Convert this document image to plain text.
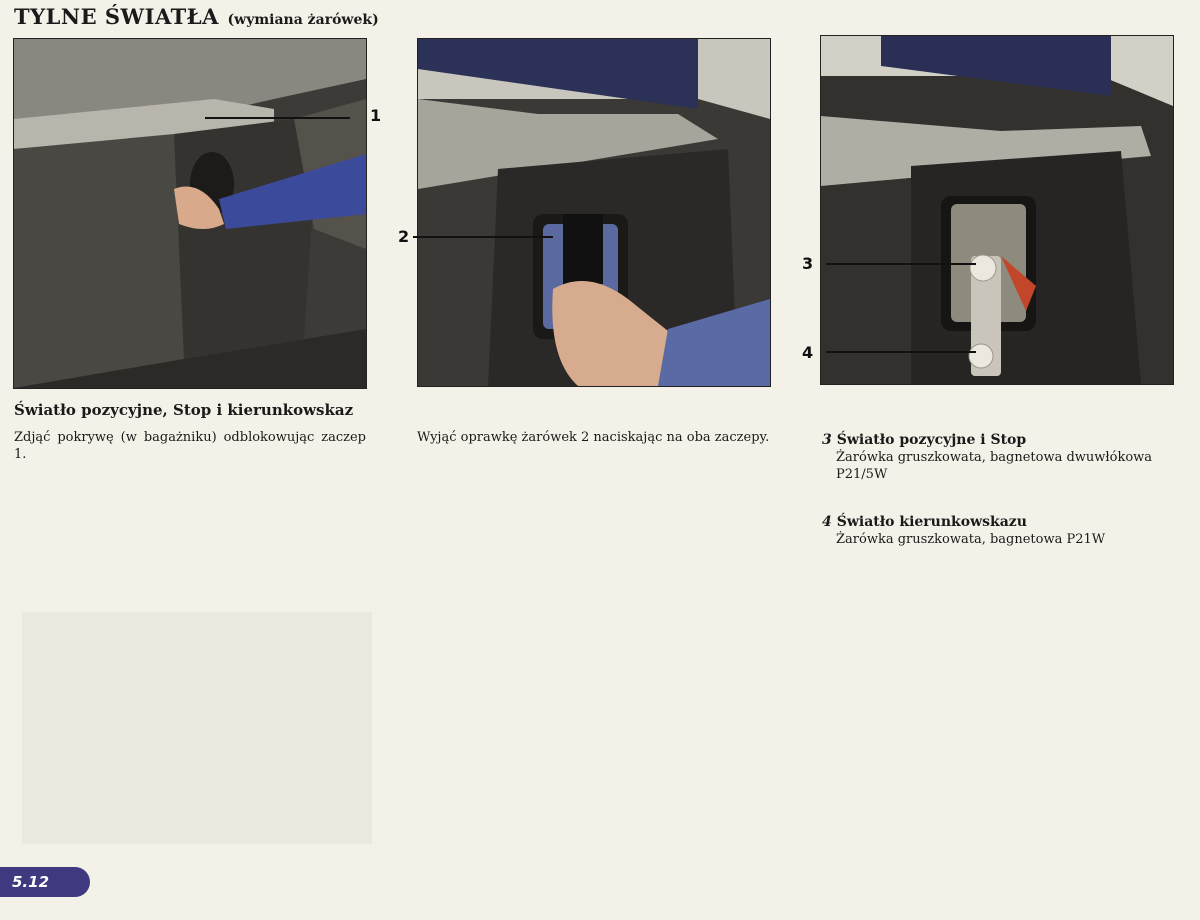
TYLNE ŚWIATŁA (wymiana żarówek)
1
2
3
4
Światło pozycyjne, Stop i kierunkowskaz
Zdjąć pokrywę (w bagażniku) odblokowując zaczep 1.
Wyjąć oprawkę żarówek 2 naciskając na oba zaczepy.	3 Światło pozycyjne i Stop
Żarówka gruszkowata, bagnetowa dwuwłókowa P21/5W
4 Światło kierunkowskazu
Żarówka gruszkowata, bagnetowa P21W
5.12
